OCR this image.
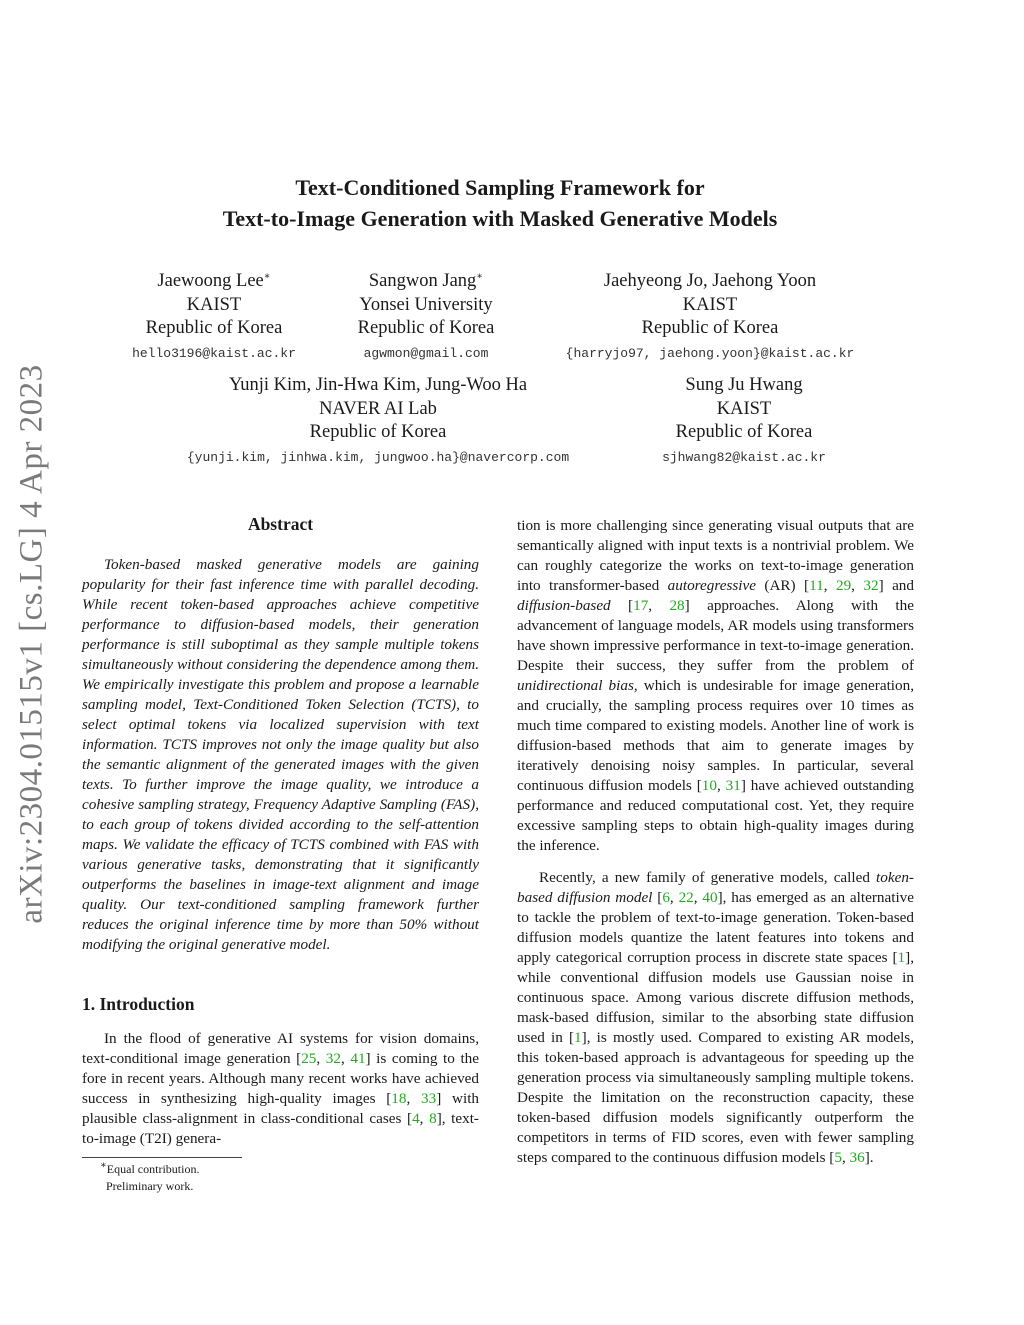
arXiv:2304.01515v1 [cs.LG] 4 Apr 2023
Text-Conditioned Sampling Framework for
Text-to-Image Generation with Masked Generative Models
Jaewoong Lee∗
KAIST
Republic of Korea
hello3196@kaist.ac.kr
Sangwon Jang∗
Yonsei University
Republic of Korea
agwmon@gmail.com
Jaehyeong Jo, Jaehong Yoon
KAIST
Republic of Korea
{harryjo97, jaehong.yoon}@kaist.ac.kr
Yunji Kim, Jin-Hwa Kim, Jung-Woo Ha
NAVER AI Lab
Republic of Korea
{yunji.kim, jinhwa.kim, jungwoo.ha}@navercorp.com
Sung Ju Hwang
KAIST
Republic of Korea
sjhwang82@kaist.ac.kr
Abstract

Token-based masked generative models are gaining popularity for their fast inference time with parallel decoding. While recent token-based approaches achieve competitive performance to diffusion-based models, their generation performance is still suboptimal as they sample multiple tokens simultaneously without considering the dependence among them. We empirically investigate this problem and propose a learnable sampling model, Text-Conditioned Token Selection (TCTS), to select optimal tokens via localized supervision with text information. TCTS improves not only the image quality but also the semantic alignment of the generated images with the given texts. To further improve the image quality, we introduce a cohesive sampling strategy, Frequency Adaptive Sampling (FAS), to each group of tokens divided according to the self-attention maps. We validate the efficacy of TCTS combined with FAS with various generative tasks, demonstrating that it significantly outperforms the baselines in image-text alignment and image quality. Our text-conditioned sampling framework further reduces the original inference time by more than 50% without modifying the original generative model.

1. Introduction

In the flood of generative AI systems for vision domains, text-conditional image generation [25, 32, 41] is coming to the fore in recent years. Although many recent works have achieved success in synthesizing high-quality images [18, 33] with plausible class-alignment in class-conditional cases [4, 8], text-to-image (T2I) genera-

∗Equal contribution.
Preliminary work.

tion is more challenging since generating visual outputs that are semantically aligned with input texts is a nontrivial problem. We can roughly categorize the works on text-to-image generation into transformer-based autoregressive (AR) [11, 29, 32] and diffusion-based [17, 28] approaches. Along with the advancement of language models, AR models using transformers have shown impressive performance in text-to-image generation. Despite their success, they suffer from the problem of unidirectional bias, which is undesirable for image generation, and crucially, the sampling process requires over 10 times as much time compared to existing models. Another line of work is diffusion-based methods that aim to generate images by iteratively denoising noisy samples. In particular, several continuous diffusion models [10, 31] have achieved outstanding performance and reduced computational cost. Yet, they require excessive sampling steps to obtain high-quality images during the inference.

Recently, a new family of generative models, called token-based diffusion model [6, 22, 40], has emerged as an alternative to tackle the problem of text-to-image generation. Token-based diffusion models quantize the latent features into tokens and apply categorical corruption process in discrete state spaces [1], while conventional diffusion models use Gaussian noise in continuous space. Among various discrete diffusion methods, mask-based diffusion, similar to the absorbing state diffusion used in [1], is mostly used. Compared to existing AR models, this token-based approach is advantageous for speeding up the generation process via simultaneously sampling multiple tokens. Despite the limitation on the reconstruction capacity, these token-based diffusion models significantly outperform the competitors in terms of FID scores, even with fewer sampling steps compared to the continuous diffusion models [5, 36].
